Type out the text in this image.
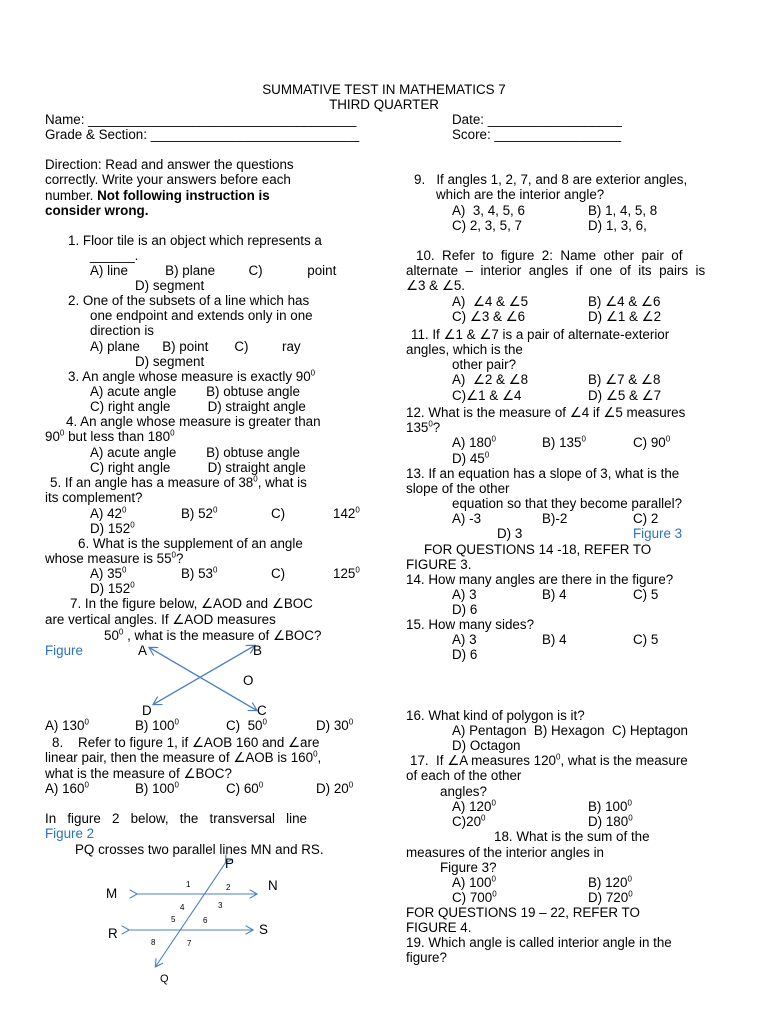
SUMMATIVE TEST IN MATHEMATICS 7
THIRD QUARTER
Name: ____________________________________	Date: __________________
Grade & Section: ____________________________	Score: _________________
Direction: Read and answer the questions
correctly. Write your answers before each
number. Not following instruction is
consider wrong.
1. Floor tile is an object which represents a
______.
A) line          B) plane         C)            point
D) segment
2. One of the subsets of a line which has
one endpoint and extends only in one
direction is
A) plane      B) point       C)         ray
D) segment
3. An angle whose measure is exactly $90^0$
A) acute angle        B) obtuse angle
C) right angle          D) straight angle
4. An angle whose measure is greater than
$90^0$ but less than $180^0$
A) acute angle        B) obtuse angle
C) right angle          D) straight angle
5. If an angle has a measure of $38^0$, what is
its complement?
A) $42^0$	B) $52^0$	C)	$142^0$
D) $152^0$
6. What is the supplement of an angle
whose measure is $55^0$?
A) $35^0$	B) $53^0$	C)	$125^0$
D) $152^0$
7. In the figure below, ∠AOD and ∠BOC
are vertical angles. If ∠AOD measures
$50^0$ , what is the measure of ∠BOC?
Figure	A	B
O
D	C
A) $130^0$	B) $100^0$	C)  $50^0$	D) $30^0$
8.    Refer to figure 1, if ∠AOB 160 and ∠are
linear pair, then the measure of ∠AOB is $160^0$,
what is the measure of ∠BOC?
A) $160^0$	B) $100^0$	C) $60^0$	D) $20^0$
In   figure   2   below,   the   transversal   line
Figure 2
PQ crosses two parallel lines MN and RS.
P
M
N
R	S
Q
1	2
3
4
5	6
7
8
9.   If angles 1, 2, 7, and 8 are exterior angles,
which are the interior angle?
A)  3, 4, 5, 6	B) 1, 4, 5, 8
C) 2, 3, 5, 7	D) 1, 3, 6,
10.  Refer  to  figure  2:  Name  other  pair  of
alternate  –  interior  angles  if  one  of  its  pairs  is
∠3 & ∠5.
A)  ∠4 & ∠5	B) ∠4 & ∠6
C) ∠3 & ∠6	D) ∠1 & ∠2
11. If ∠1 & ∠7 is a pair of alternate-exterior
angles, which is the
other pair?
A)  ∠2 & ∠8	B) ∠7 & ∠8
C)∠1 & ∠4	D) ∠5 & ∠7
12. What is the measure of ∠4 if ∠5 measures
$135^0$?
A) $180^0$	B) $135^0$	C) $90^0$
D) $45^0$
13. If an equation has a slope of 3, what is the
slope of the other
equation so that they become parallel?
A) -3	B)-2	C) 2
D) 3	Figure 3
FOR QUESTIONS 14 -18, REFER TO
FIGURE 3.
14. How many angles are there in the figure?
A) 3	B) 4	C) 5
D) 6
15. How many sides?
A) 3	B) 4	C) 5
D) 6
16. What kind of polygon is it?
A) Pentagon  B) Hexagon  C) Heptagon
D) Octagon
17.  If ∠A measures $120^0$, what is the measure
of each of the other
angles?
A) $120^0$	B) $100^0$
$C)20^0$	D) $180^0$
18. What is the sum of the
measures of the interior angles in
Figure 3?
A) $100^0$	B) $120^0$
C) $700^0$	D) $720^0$
FOR QUESTIONS 19 – 22, REFER TO
FIGURE 4.
19. Which angle is called interior angle in the
figure?
